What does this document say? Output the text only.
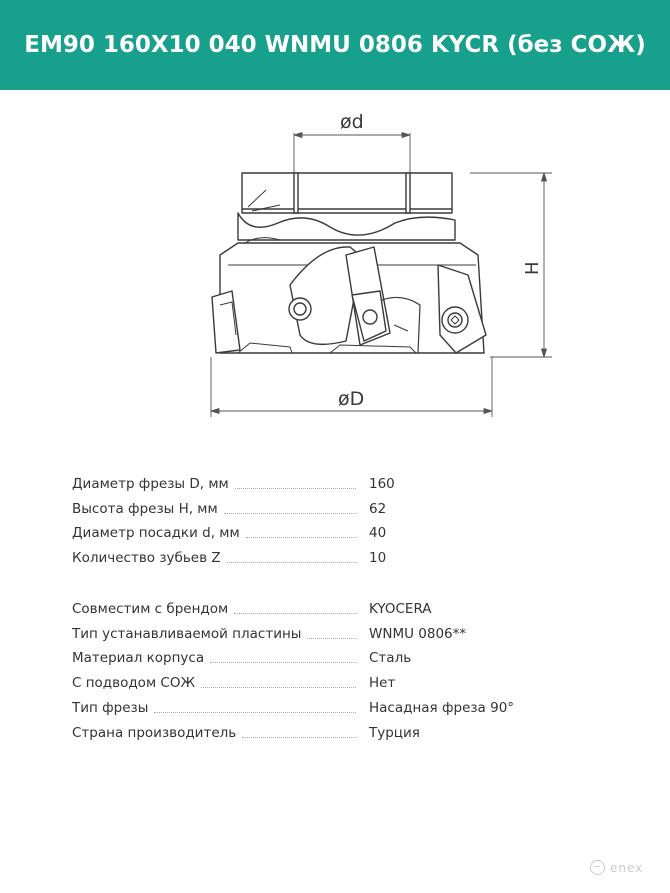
EM90 160X10 040 WNMU 0806 KYCR (без СОЖ)
ød
øD
H
Диаметр фрезы D, мм	160
Высота фрезы H, мм	62
Диаметр посадки d, мм	40
Количество зубьев Z	10
Совместим с брендом	KYOCERA
Тип устанавливаемой пластины	WNMU 0806**
Материал корпуса	Сталь
С подводом СОЖ	Нет
Тип фрезы	Насадная фреза 90°
Страна производитель	Турция
enex
